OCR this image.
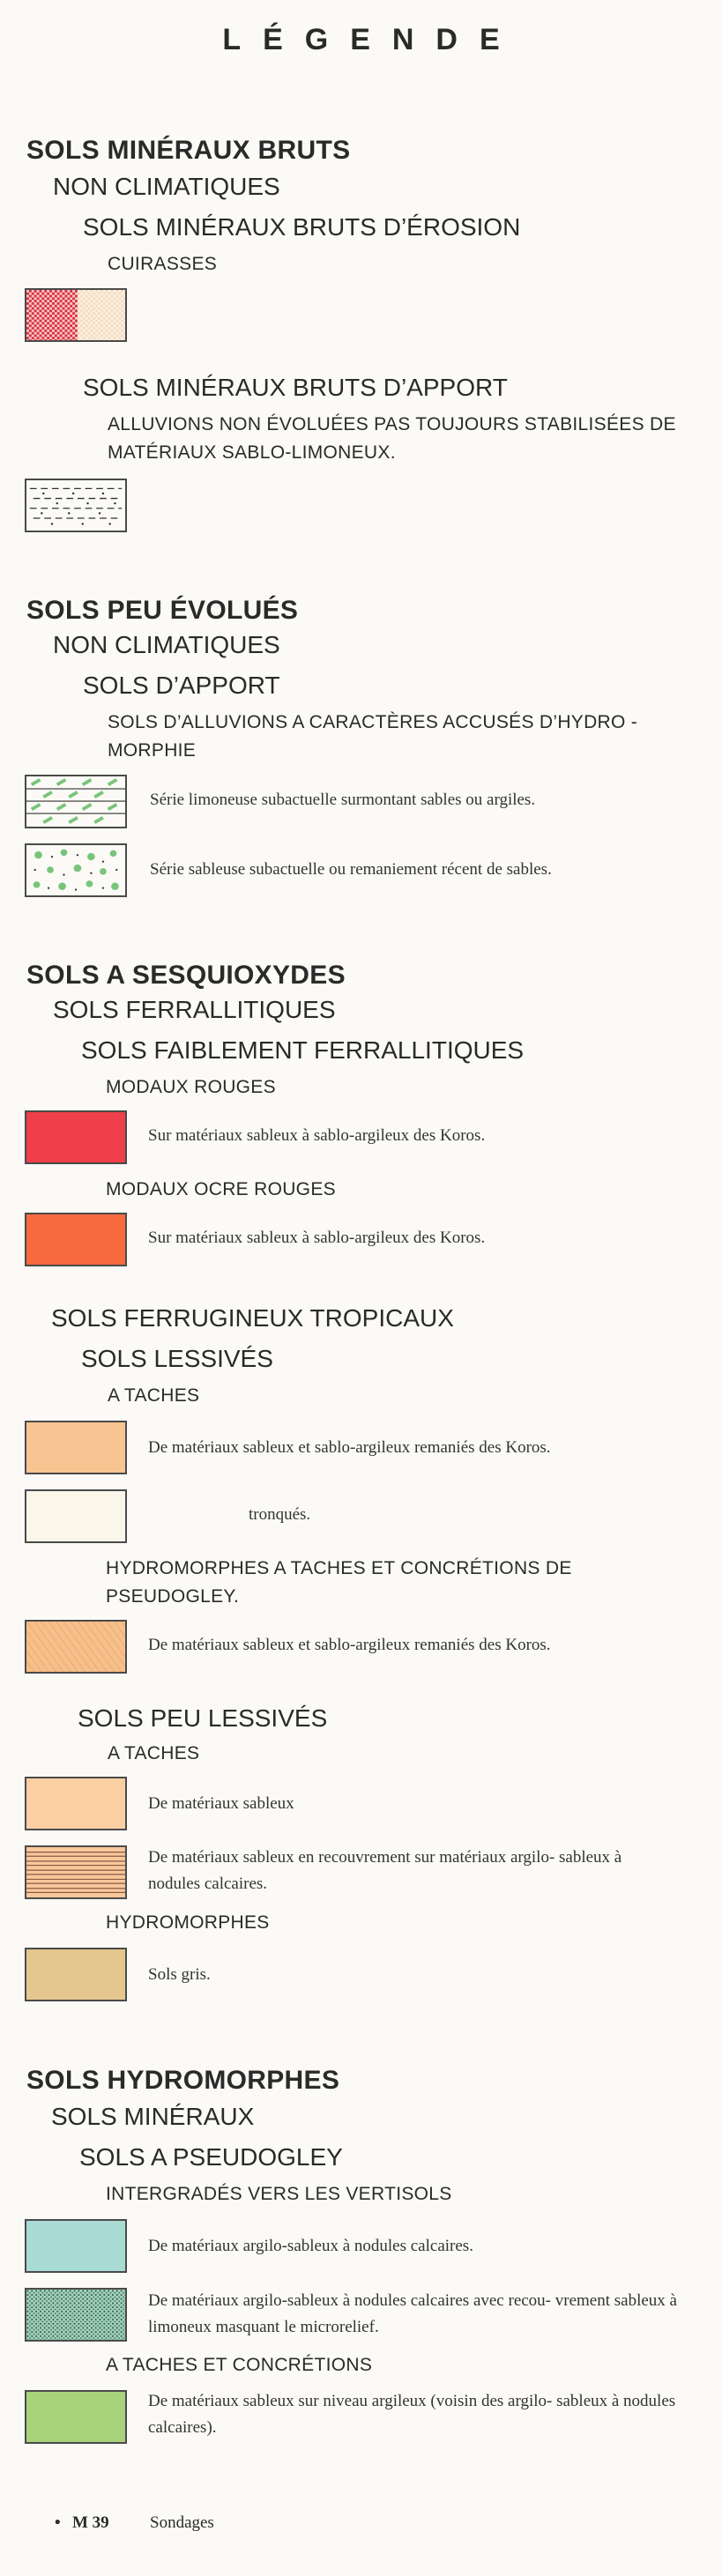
LÉGENDE
SOLS MINÉRAUX BRUTS
NON CLIMATIQUES
SOLS MINÉRAUX BRUTS D’ÉROSION
CUIRASSES
SOLS MINÉRAUX BRUTS D’APPORT
ALLUVIONS NON ÉVOLUÉES PAS TOUJOURS STABILISÉES DE MATÉRIAUX SABLO-LIMONEUX.
SOLS PEU ÉVOLUÉS
NON CLIMATIQUES
SOLS D’APPORT
SOLS D’ALLUVIONS A CARACTÈRES ACCUSÉS D’HYDRO - MORPHIE
Série limoneuse subactuelle surmontant sables ou argiles.
Série sableuse subactuelle ou remaniement récent de sables.
SOLS A SESQUIOXYDES
SOLS FERRALLITIQUES
SOLS FAIBLEMENT FERRALLITIQUES
MODAUX ROUGES
Sur matériaux sableux à sablo-argileux des Koros.
MODAUX OCRE ROUGES
Sur matériaux sableux à sablo-argileux des Koros.
SOLS FERRUGINEUX TROPICAUX
SOLS LESSIVÉS
A TACHES
De matériaux sableux et sablo-argileux remaniés des Koros.
tronqués.
HYDROMORPHES A TACHES ET CONCRÉTIONS DE PSEUDOGLEY.
De matériaux sableux et sablo-argileux remaniés des Koros.
SOLS PEU LESSIVÉS
A TACHES
De matériaux sableux
De matériaux sableux en recouvrement sur matériaux argilo- sableux à nodules calcaires.
HYDROMORPHES
Sols gris.
SOLS HYDROMORPHES
SOLS MINÉRAUX
SOLS A PSEUDOGLEY
INTERGRADÉS VERS LES VERTISOLS
De matériaux argilo-sableux à nodules calcaires.
De matériaux argilo-sableux à nodules calcaires avec recou- vrement sableux à limoneux masquant le microrelief.
A TACHES ET CONCRÉTIONS
De matériaux sableux sur niveau argileux (voisin des argilo- sableux à nodules calcaires).
• M 39 Sondages
